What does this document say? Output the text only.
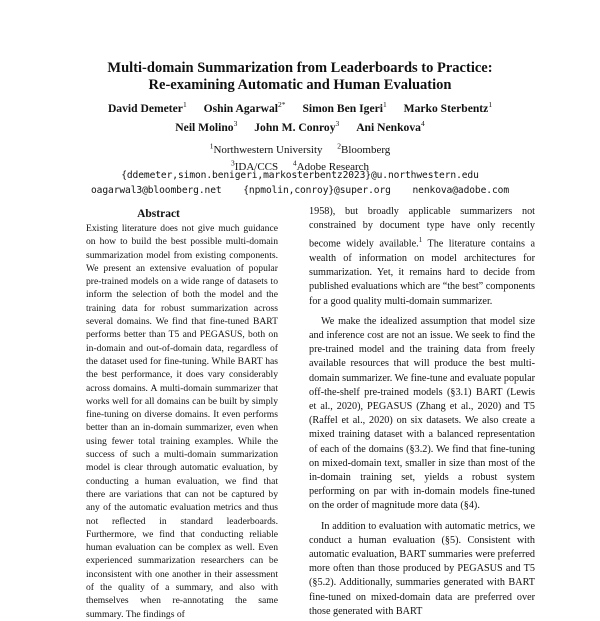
Multi-domain Summarization from Leaderboards to Practice:
Re-examining Automatic and Human Evaluation
David Demeter$^1$ Oshin Agarwal$^{2*}$ Simon Ben Igeri$^1$ Marko Sterbentz$^1$
Neil Molino$^3$ John M. Conroy$^3$ Ani Nenkova$^4$
$^1$Northwestern University $^2$Bloomberg
$^3$IDA/CCS $^4$Adobe Research
{ddemeter,simon.benigeri,markosterbentz2023}@u.northwestern.edu
oagarwal3@bloomberg.net {npmolin,conroy}@super.org nenkova@adobe.com
Abstract

Existing literature does not give much guidance on how to build the best possible multi-domain summarization model from existing components. We present an extensive evaluation of popular pre-trained models on a wide range of datasets to inform the selection of both the model and the training data for robust summarization across several domains. We find that fine-tuned BART performs better than T5 and PEGASUS, both on in-domain and out-of-domain data, regardless of the dataset used for fine-tuning. While BART has the best performance, it does vary considerably across domains. A multi-domain summarizer that works well for all domains can be built by simply fine-tuning on diverse domains. It even performs better than an in-domain summarizer, even when using fewer total training examples. While the success of such a multi-domain summarization model is clear through automatic evaluation, by conducting a human evaluation, we find that there are variations that can not be captured by any of the automatic evaluation metrics and thus not reflected in standard leaderboards. Furthermore, we find that conducting reliable human evaluation can be complex as well. Even experienced summarization researchers can be inconsistent with one another in their assessment of the quality of a summary, and also with themselves when re-annotating the same summary. The findings of

1958), but broadly applicable summarizers not constrained by document type have only recently become widely available.$^1$ The literature contains a wealth of information on model architectures for summarization. Yet, it remains hard to decide from published evaluations which are “the best” components for a good quality multi-domain summarizer.

We make the idealized assumption that model size and inference cost are not an issue. We seek to find the pre-trained model and the training data from freely available resources that will produce the best multi-domain summarizer. We fine-tune and evaluate popular off-the-shelf pre-trained models (§3.1) BART (Lewis et al., 2020), PEGASUS (Zhang et al., 2020) and T5 (Raffel et al., 2020) on six datasets. We also create a mixed training dataset with a balanced representation of each of the domains (§3.2). We find that fine-tuning on mixed-domain text, smaller in size than most of the in-domain training set, yields a robust system performing on par with in-domain models fine-tuned on the order of magnitude more data (§4).

In addition to evaluation with automatic metrics, we conduct a human evaluation (§5). Consistent with automatic evaluation, BART summaries were preferred more often than those produced by PEGASUS and T5 (§5.2). Additionally, summaries generated with BART fine-tuned on mixed-domain data are preferred over those generated with BART
